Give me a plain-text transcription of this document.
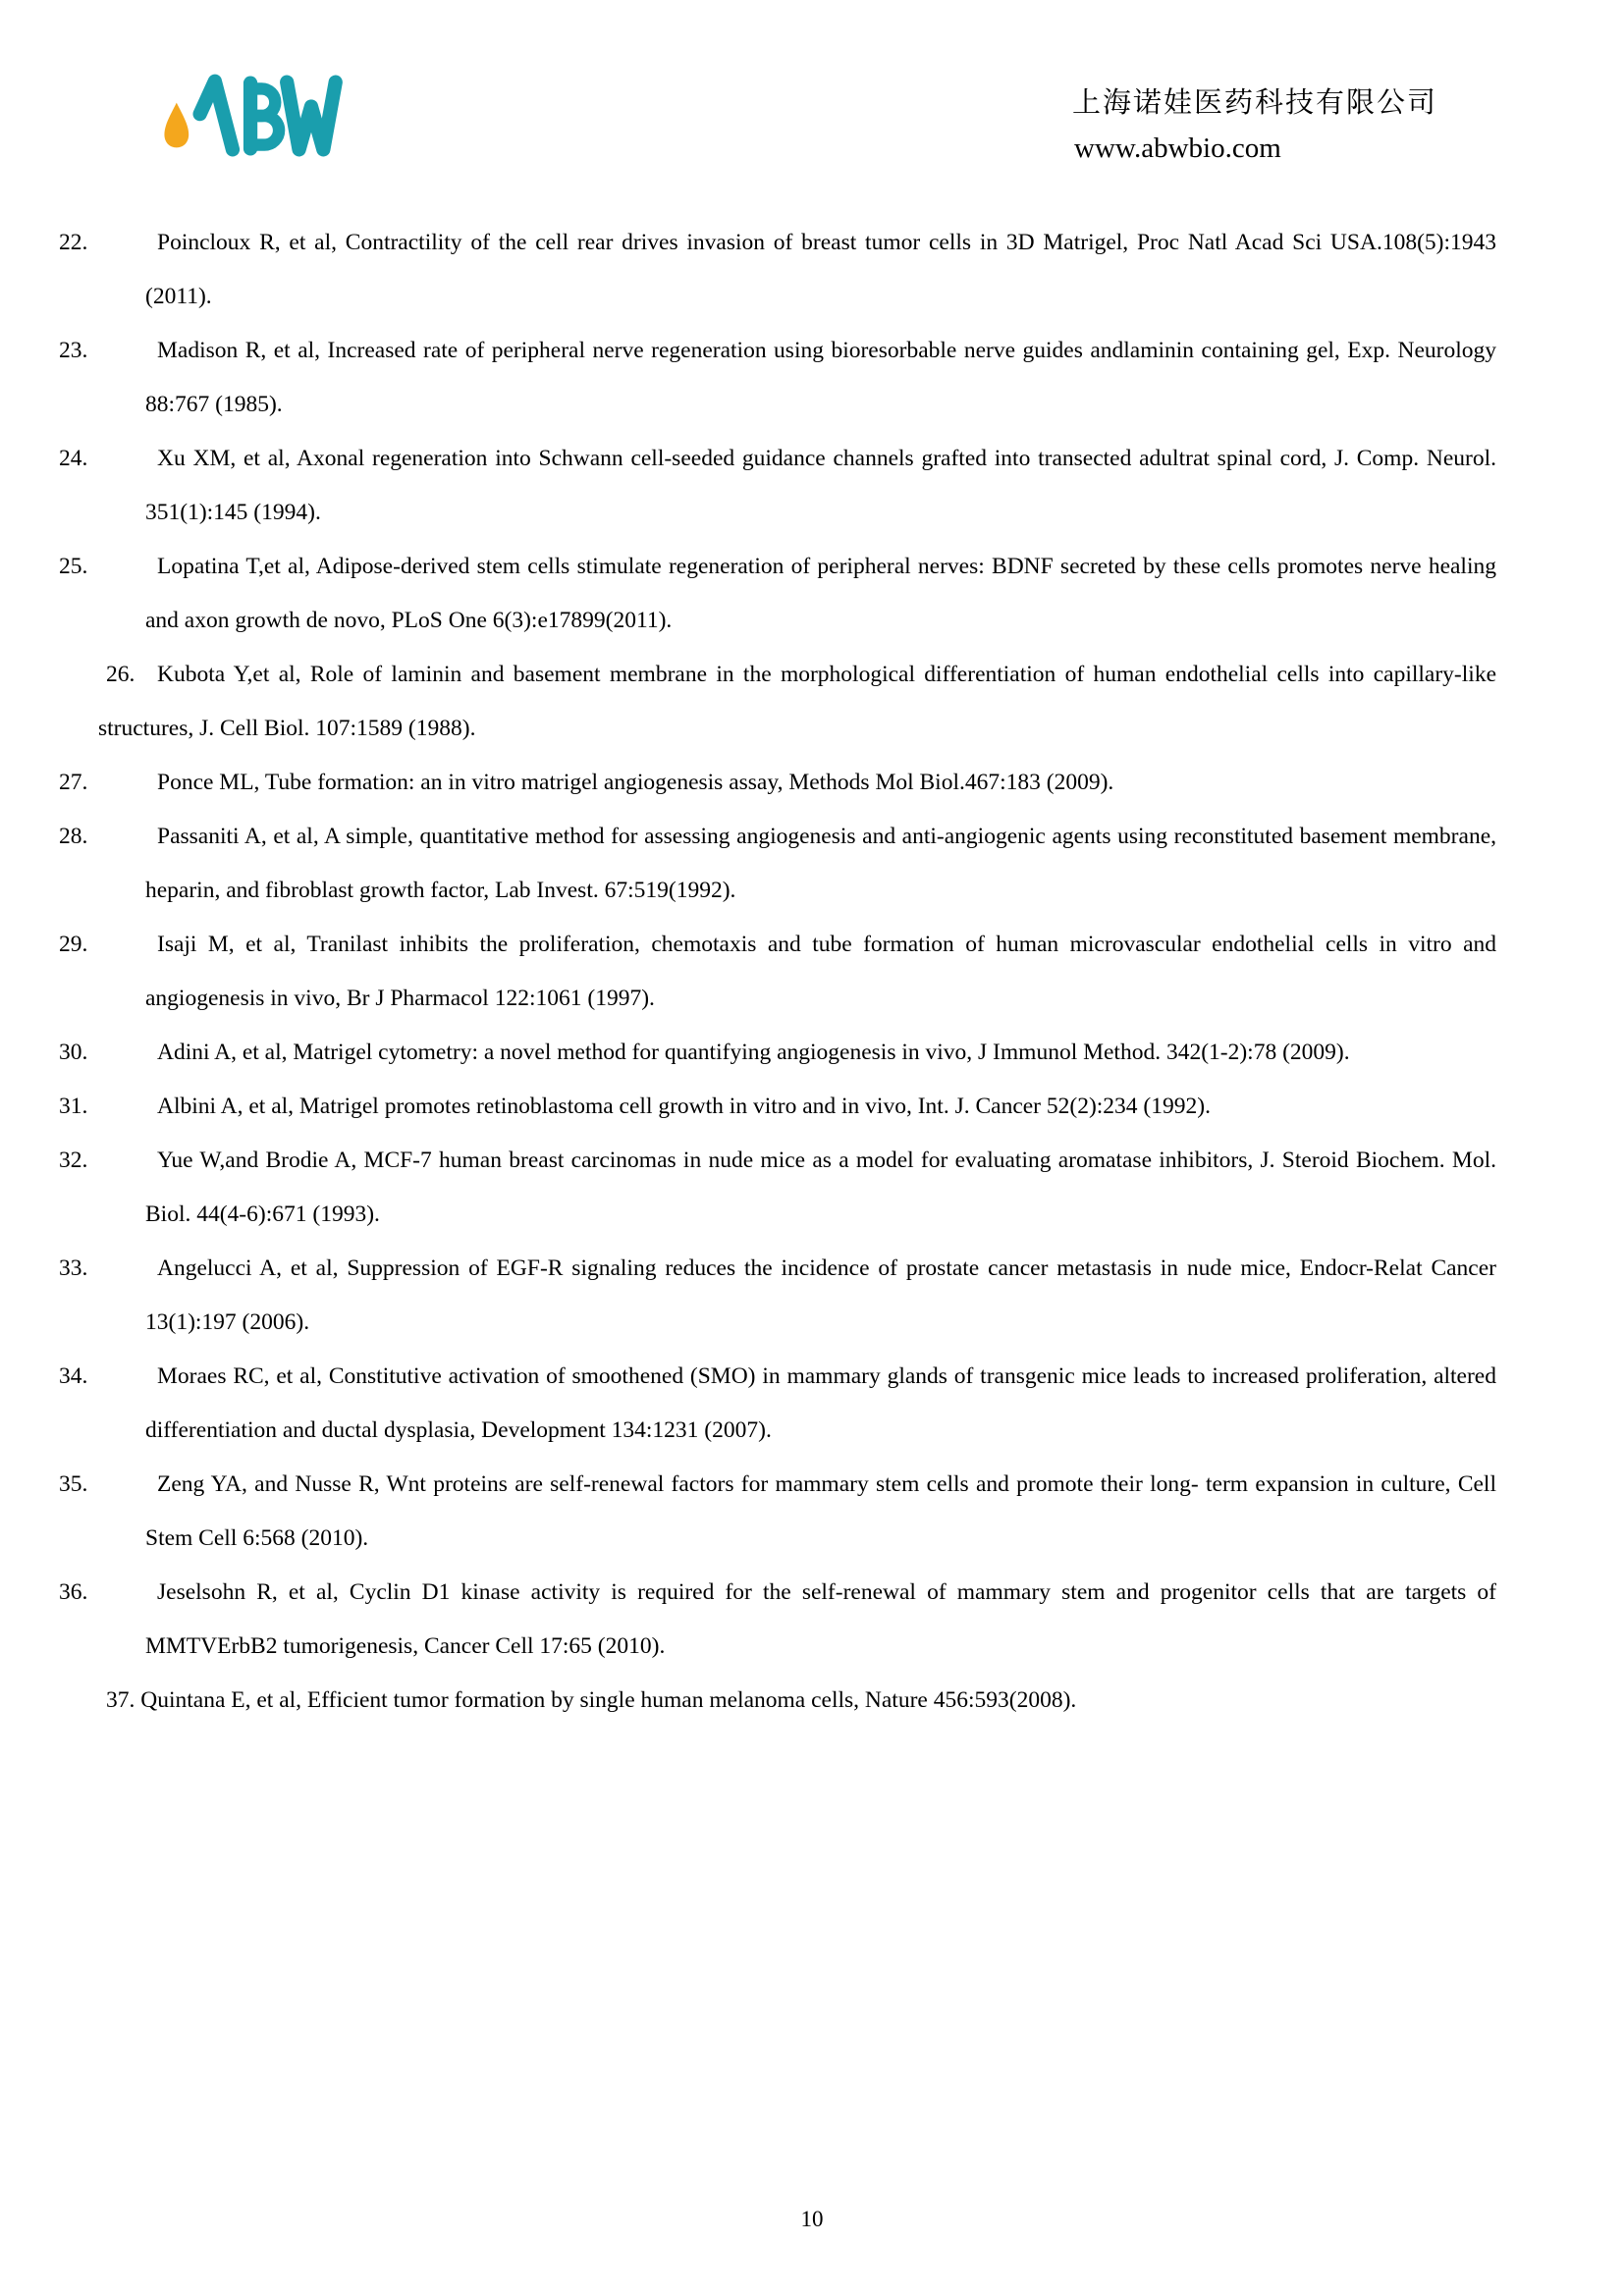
上海诺娃医药科技有限公司
www.abwbio.com
22.	Poincloux R, et al, Contractility of the cell rear drives invasion of breast tumor cells in 3D Matrigel, Proc Natl Acad Sci USA.108(5):1943 (2011).
23.	Madison R, et al, Increased rate of peripheral nerve regeneration using bioresorbable nerve guides andlaminin containing gel, Exp. Neurology 88:767 (1985).
24.	Xu XM, et al, Axonal regeneration into Schwann cell-seeded guidance channels grafted into transected adultrat spinal cord, J. Comp. Neurol. 351(1):145 (1994).
25.	Lopatina T,et al, Adipose-derived stem cells stimulate regeneration of peripheral nerves: BDNF secreted by these cells promotes nerve healing and axon growth de novo, PLoS One 6(3):e17899(2011).
26. Kubota Y,et al, Role of laminin and basement membrane in the morphological differentiation of human endothelial cells into capillary-like structures, J. Cell Biol. 107:1589 (1988).
27.	Ponce ML, Tube formation: an in vitro matrigel angiogenesis assay, Methods Mol Biol.467:183 (2009).
28.	Passaniti A, et al, A simple, quantitative method for assessing angiogenesis and anti-angiogenic agents using reconstituted basement membrane, heparin, and fibroblast growth factor, Lab Invest. 67:519(1992).
29.	Isaji M, et al, Tranilast inhibits the proliferation, chemotaxis and tube formation of human microvascular endothelial cells in vitro and angiogenesis in vivo, Br J Pharmacol 122:1061 (1997).
30.	Adini A, et al, Matrigel cytometry: a novel method for quantifying angiogenesis in vivo, J Immunol Method. 342(1-2):78 (2009).
31.	Albini A, et al, Matrigel promotes retinoblastoma cell growth in vitro and in vivo, Int. J. Cancer 52(2):234 (1992).
32.	Yue W,and Brodie A, MCF-7 human breast carcinomas in nude mice as a model for evaluating aromatase inhibitors, J. Steroid Biochem. Mol. Biol. 44(4-6):671 (1993).
33.	Angelucci A, et al, Suppression of EGF-R signaling reduces the incidence of prostate cancer metastasis in nude mice, Endocr-Relat Cancer 13(1):197 (2006).
34.	Moraes RC, et al, Constitutive activation of smoothened (SMO) in mammary glands of transgenic mice leads to increased proliferation, altered differentiation and ductal dysplasia, Development 134:1231 (2007).
35.	Zeng YA, and Nusse R, Wnt proteins are self-renewal factors for mammary stem cells and promote their long- term expansion in culture, Cell Stem Cell 6:568 (2010).
36.	Jeselsohn R, et al, Cyclin D1 kinase activity is required for the self-renewal of mammary stem and progenitor cells that are targets of MMTVErbB2 tumorigenesis, Cancer Cell 17:65 (2010).
37. Quintana E, et al, Efficient tumor formation by single human melanoma cells, Nature 456:593(2008).
10
